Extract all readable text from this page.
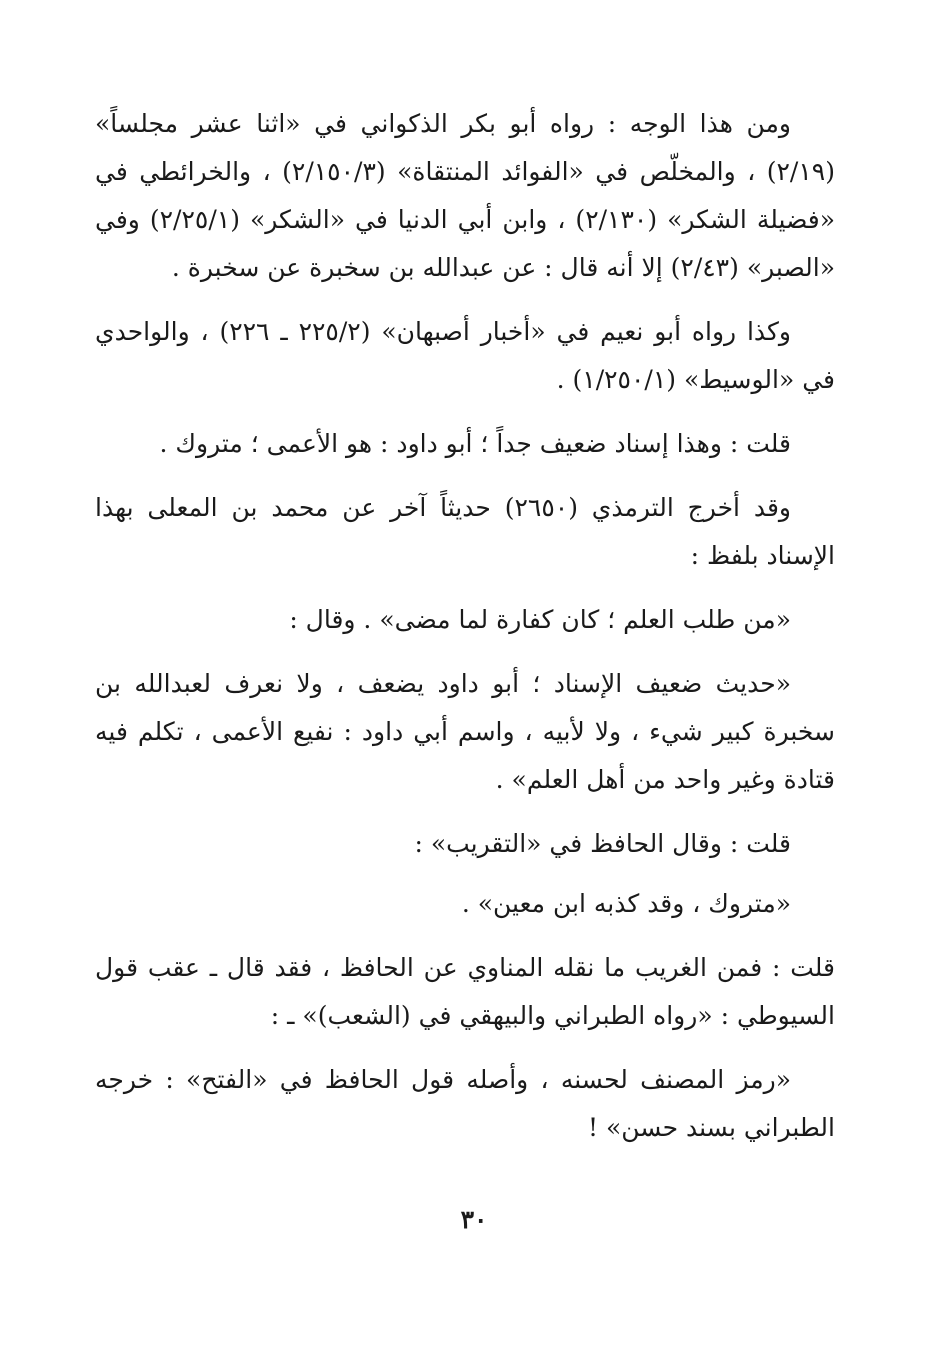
ومن هذا الوجه : رواه أبو بكر الذكواني في «اثنا عشر مجلساً» (٢/١٩) ، والمخلّص في «الفوائد المنتقاة» (٢/١٥٠/٣) ، والخرائطي في «فضيلة الشكر» (٢/١٣٠) ، وابن أبي الدنيا في «الشكر» (٢/٢٥/١) وفي «الصبر» (٢/٤٣) إلا أنه قال : عن عبدالله بن سخبرة عن سخبرة .

وكذا رواه أبو نعيم في «أخبار أصبهان» (٢٢٥/٢ ـ ٢٢٦) ، والواحدي في «الوسيط» (١/٢٥٠/١) .

قلت : وهذا إسناد ضعيف جداً ؛ أبو داود : هو الأعمى ؛ متروك .

وقد أخرج الترمذي (٢٦٥٠) حديثاً آخر عن محمد بن المعلى بهذا الإسناد بلفظ :

«من طلب العلم ؛ كان كفارة لما مضى» . وقال :

«حديث ضعيف الإسناد ؛ أبو داود يضعف ، ولا نعرف لعبدالله بن سخبرة كبير شيء ، ولا لأبيه ، واسم أبي داود : نفيع الأعمى ، تكلم فيه قتادة وغير واحد من أهل العلم» .

قلت : وقال الحافظ في «التقريب» :

«متروك ، وقد كذبه ابن معين» .

قلت : فمن الغريب ما نقله المناوي عن الحافظ ، فقد قال ـ عقب قول السيوطي : «رواه الطبراني والبيهقي في (الشعب)» ـ :

«رمز المصنف لحسنه ، وأصله قول الحافظ في «الفتح» : خرجه الطبراني بسند حسن» !

٣٠
